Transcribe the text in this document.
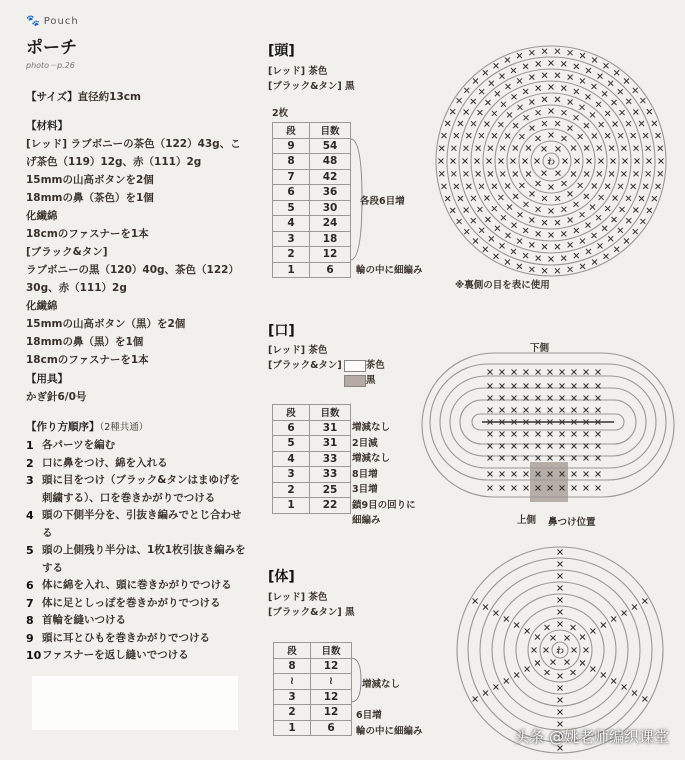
🐾 Pouch
ポーチ
photo－p.26
【サイズ】直径約13cm
【材料】
[レッド] ラブボニーの茶色（122）43g、こ
げ茶色（119）12g、赤（111）2g
15mmの山高ボタンを2個
18mmの鼻（茶色）を1個
化繊綿
18cmのファスナーを1本
[ブラック&タン]
ラブボニーの黒（120）40g、茶色（122）
30g、赤（111）2g
化繊綿
15mmの山高ボタン（黒）を2個
18mmの鼻（黒）を1個
18cmのファスナーを1本
【用具】
かぎ針6/0号
【作り方順序】（2種共通）
1 各パーツを編む
2 口に鼻をつけ、綿を入れる
3 頭に目をつけ（ブラック&タンはまゆげを刺繍する）、口を巻きかがりでつける
4 頭の下側半分を、引抜き編みでとじ合わせる
5 頭の上側残り半分は、1枚1枚引抜き編みをする
6 体に綿を入れ、頭に巻きかがりでつける
7 体に足としっぽを巻きかがりでつける
8 首輪を縫いつける
9 頭に耳とひもを巻きかがりでつける
10 ファスナーを返し縫いでつける
[頭]
[レッド] 茶色
[ブラック&タン] 黒
2枚
段	目数
9	54
8	48
7	42
6	36
5	30
4	24
3	18
2	12
1	6
各段6目増
輪の中に細編み
わ
※裏側の目を表に使用
[口]
[レッド] 茶色
[ブラック&タン]	茶色
黒
段	目数
6	31
5	31
4	33
3	33
2	25
1	22
増減なし
2目減
増減なし
8目増
3目増
鎖9目の回りに
細編み
下側
上側 鼻つけ位置
[体]
[レッド] 茶色
[ブラック&タン] 黒
段	目数
8	12
≀	≀
3	12
2	12
1	6
増減なし
6目増
輪の中に細編み
わ
头条 @姚老师编织课堂
